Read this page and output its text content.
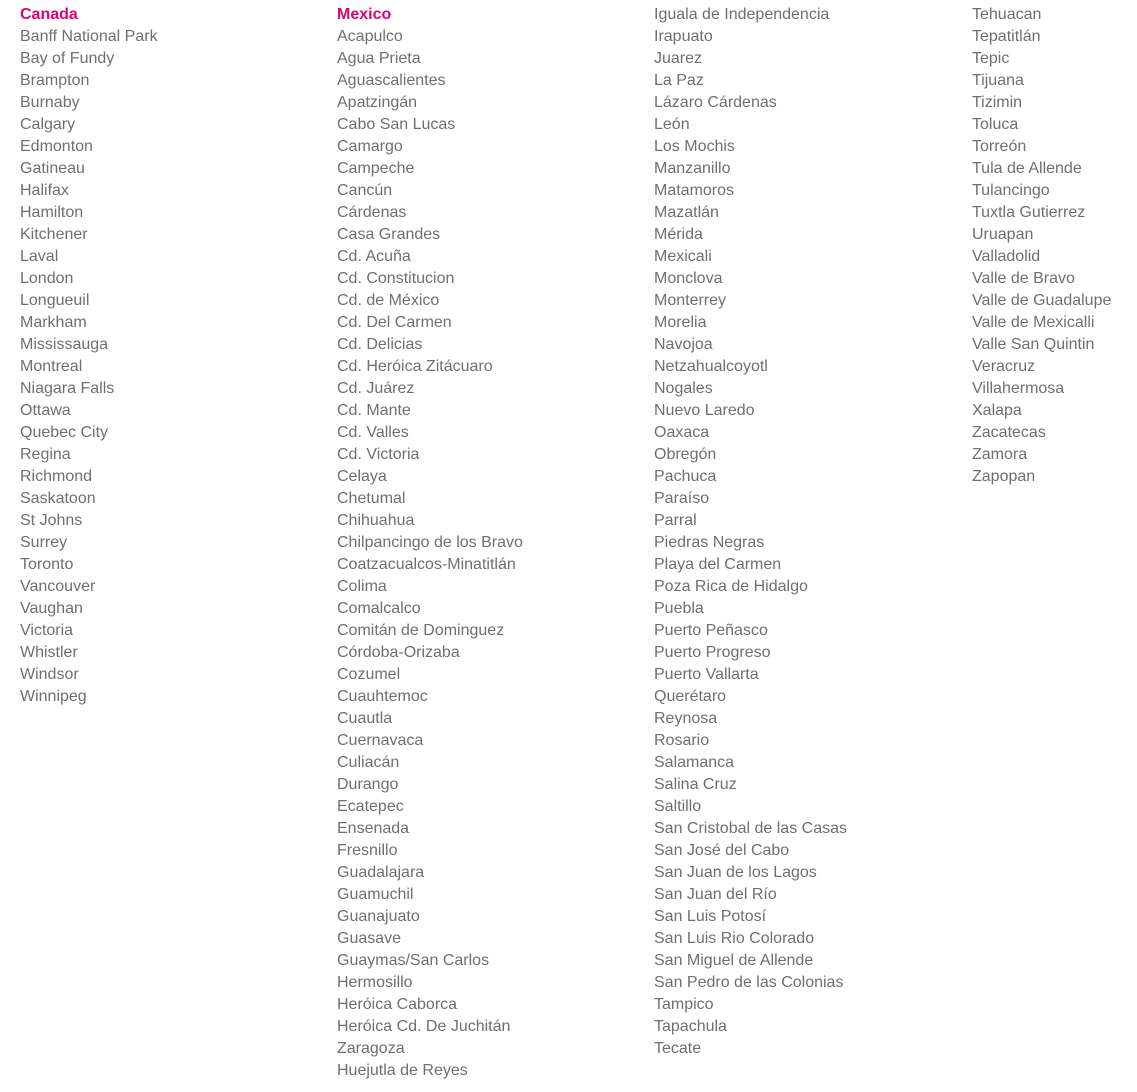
Canada
Banff National Park
Bay of Fundy
Brampton
Burnaby
Calgary
Edmonton
Gatineau
Halifax
Hamilton
Kitchener
Laval
London
Longueuil
Markham
Mississauga
Montreal
Niagara Falls
Ottawa
Quebec City
Regina
Richmond
Saskatoon
St Johns
Surrey
Toronto
Vancouver
Vaughan
Victoria
Whistler
Windsor
Winnipeg
Mexico
Acapulco
Agua Prieta
Aguascalientes
Apatzingán
Cabo San Lucas
Camargo
Campeche
Cancún
Cárdenas
Casa Grandes
Cd. Acuña
Cd. Constitucion
Cd. de México
Cd. Del Carmen
Cd. Delicias
Cd. Heróica Zitácuaro
Cd. Juárez
Cd. Mante
Cd. Valles
Cd. Victoria
Celaya
Chetumal
Chihuahua
Chilpancingo de los Bravo
Coatzacualcos-Minatitlán
Colima
Comalcalco
Comitán de Dominguez
Córdoba-Orizaba
Cozumel
Cuauhtemoc
Cuautla
Cuernavaca
Culiacán
Durango
Ecatepec
Ensenada
Fresnillo
Guadalajara
Guamuchil
Guanajuato
Guasave
Guaymas/San Carlos
Hermosillo
Heróica Caborca
Heróica Cd. De Juchitán
Zaragoza
Huejutla de Reyes
Iguala de Independencia
Irapuato
Juarez
La Paz
Lázaro Cárdenas
León
Los Mochis
Manzanillo
Matamoros
Mazatlán
Mérida
Mexicali
Monclova
Monterrey
Morelia
Navojoa
Netzahualcoyotl
Nogales
Nuevo Laredo
Oaxaca
Obregón
Pachuca
Paraíso
Parral
Piedras Negras
Playa del Carmen
Poza Rica de Hidalgo
Puebla
Puerto Peñasco
Puerto Progreso
Puerto Vallarta
Querétaro
Reynosa
Rosario
Salamanca
Salina Cruz
Saltillo
San Cristobal de las Casas
San José del Cabo
San Juan de los Lagos
San Juan del Río
San Luis Potosí
San Luis Rio Colorado
San Miguel de Allende
San Pedro de las Colonias
Tampico
Tapachula
Tecate
Tehuacan
Tepatitlán
Tepic
Tijuana
Tizimin
Toluca
Torreón
Tula de Allende
Tulancingo
Tuxtla Gutierrez
Uruapan
Valladolid
Valle de Bravo
Valle de Guadalupe
Valle de Mexicalli
Valle San Quintin
Veracruz
Villahermosa
Xalapa
Zacatecas
Zamora
Zapopan
